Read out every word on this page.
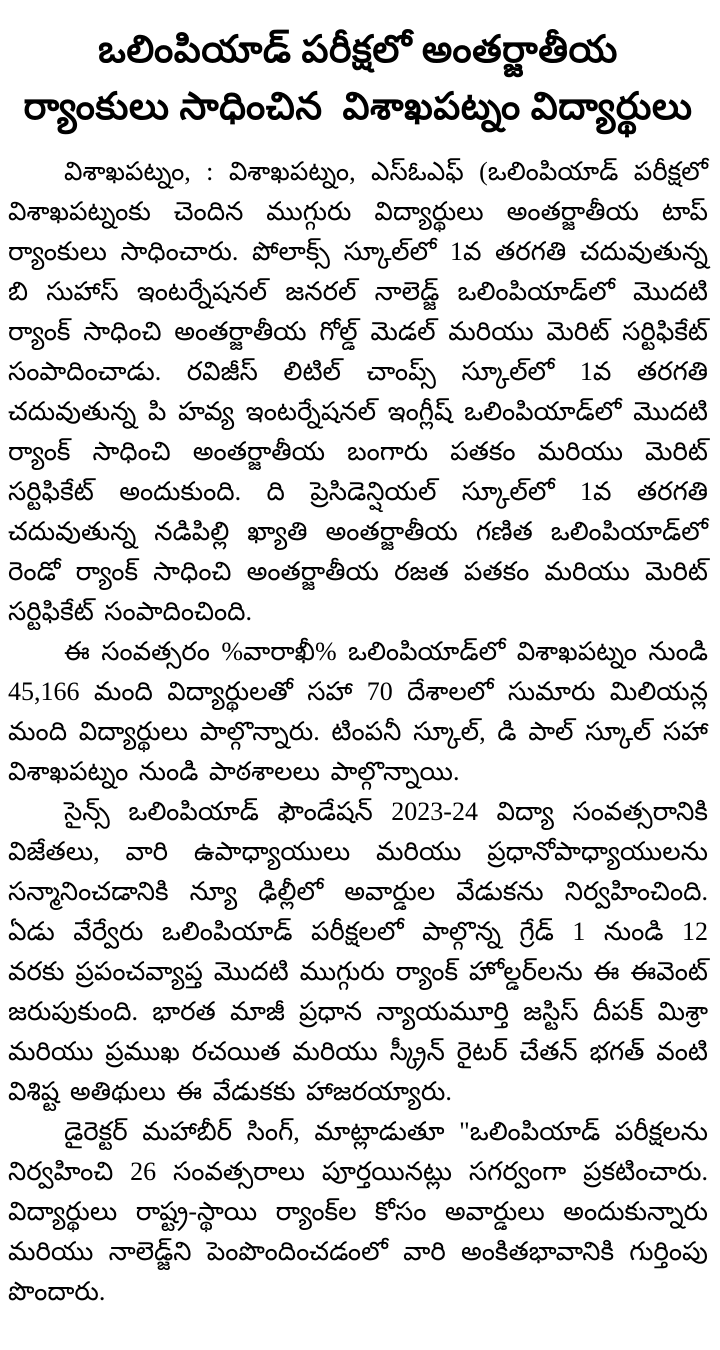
ఒలింపియాడ్ పరీక్షలో అంతర్జాతీయ
ర్యాంకులు సాధించిన  విశాఖపట్నం విద్యార్థులు

విశాఖపట్నం, : విశాఖపట్నం, ఎస్ఓఎఫ్ (ఒలింపియాడ్ పరీక్షలో విశాఖపట్నంకు చెందిన ముగ్గురు విద్యార్థులు అంతర్జాతీయ టాప్ ర్యాంకులు సాధించారు. పోలాక్స్ స్కూల్‌లో 1వ తరగతి చదువుతున్న బి సుహాస్ ఇంటర్నేషనల్ జనరల్ నాలెడ్జ్ ఒలింపియాడ్‌లో మొదటి ర్యాంక్ సాధించి అంతర్జాతీయ గోల్డ్ మెడల్ మరియు మెరిట్ సర్టిఫికేట్ సంపాదించాడు. రవిజీస్ లిటిల్ చాంప్స్ స్కూల్‌లో 1వ తరగతి చదువుతున్న పి హవ్య ఇంటర్నేషనల్ ఇంగ్లీష్ ఒలింపియాడ్‌లో మొదటి ర్యాంక్ సాధించి అంతర్జాతీయ బంగారు పతకం మరియు మెరిట్ సర్టిఫికేట్ అందుకుంది. ది ప్రెసిడెన్షియల్ స్కూల్‌లో 1వ తరగతి చదువుతున్న నడిపిల్లి ఖ్యాతి అంతర్జాతీయ గణిత ఒలింపియాడ్‌లో రెండో ర్యాంక్ సాధించి అంతర్జాతీయ రజత పతకం మరియు మెరిట్ సర్టిఫికేట్ సంపాదించింది.

ఈ సంవత్సరం %వారాఖీ% ఒలింపియాడ్‌లో విశాఖపట్నం నుండి 45,166 మంది విద్యార్థులతో సహా 70 దేశాలలో సుమారు మిలియన్ల మంది విద్యార్థులు పాల్గొన్నారు. టింపనీ స్కూల్, డి పాల్ స్కూల్ సహా విశాఖపట్నం నుండి పాఠశాలలు పాల్గొన్నాయి.

సైన్స్ ఒలింపియాడ్ ఫౌండేషన్ 2023-24 విద్యా సంవత్సరానికి విజేతలు, వారి ఉపాధ్యాయులు మరియు ప్రధానోపాధ్యాయులను సన్మానించడానికి న్యూ ఢిల్లీలో అవార్డుల వేడుకను నిర్వహించింది. ఏడు వేర్వేరు ఒలింపియాడ్ పరీక్షలలో పాల్గొన్న గ్రేడ్ 1 నుండి 12 వరకు ప్రపంచవ్యాప్త మొదటి ముగ్గురు ర్యాంక్ హోల్డర్‌లను ఈ ఈవెంట్ జరుపుకుంది. భారత మాజీ ప్రధాన న్యాయమూర్తి జస్టిస్ దీపక్ మిశ్రా మరియు ప్రముఖ రచయిత మరియు స్క్రీన్ రైటర్ చేతన్ భగత్ వంటి విశిష్ట అతిథులు ఈ వేడుకకు హాజరయ్యారు.

డైరెక్టర్ మహాబీర్ సింగ్, మాట్లాడుతూ "ఒలింపియాడ్ పరీక్షలను నిర్వహించి 26 సంవత్సరాలు పూర్తయినట్లు సగర్వంగా ప్రకటించారు. విద్యార్థులు రాష్ట్ర-స్థాయి ర్యాంక్‌ల కోసం అవార్డులు అందుకున్నారు మరియు నాలెడ్జ్‌ని పెంపొందించడంలో వారి అంకితభావానికి గుర్తింపు పొందారు.
